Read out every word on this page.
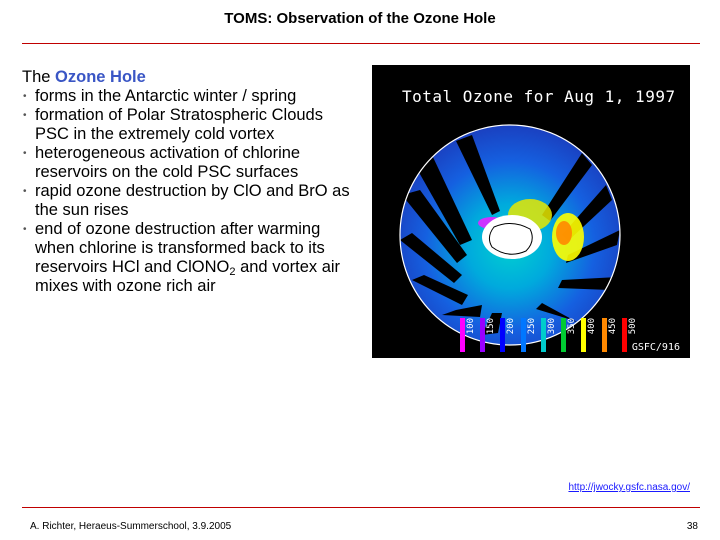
TOMS: Observation of the Ozone Hole
The Ozone Hole
• forms in the Antarctic winter / spring
• formation of Polar Stratospheric Clouds PSC in the extremely cold vortex
• heterogeneous activation of chlorine reservoirs on the cold PSC surfaces
• rapid ozone destruction by ClO and BrO as the sun rises
• end of ozone destruction after warming when chlorine is transformed back to its reservoirs HCl and ClONO$_2$ and vortex air mixes with ozone rich air
Total Ozone for Aug 1, 1997
100 150 200 250 300 350 400 450 500
GSFC/916
http://jwocky.gsfc.nasa.gov/
A. Richter, Heraeus-Summerschool, 3.9.2005	38
